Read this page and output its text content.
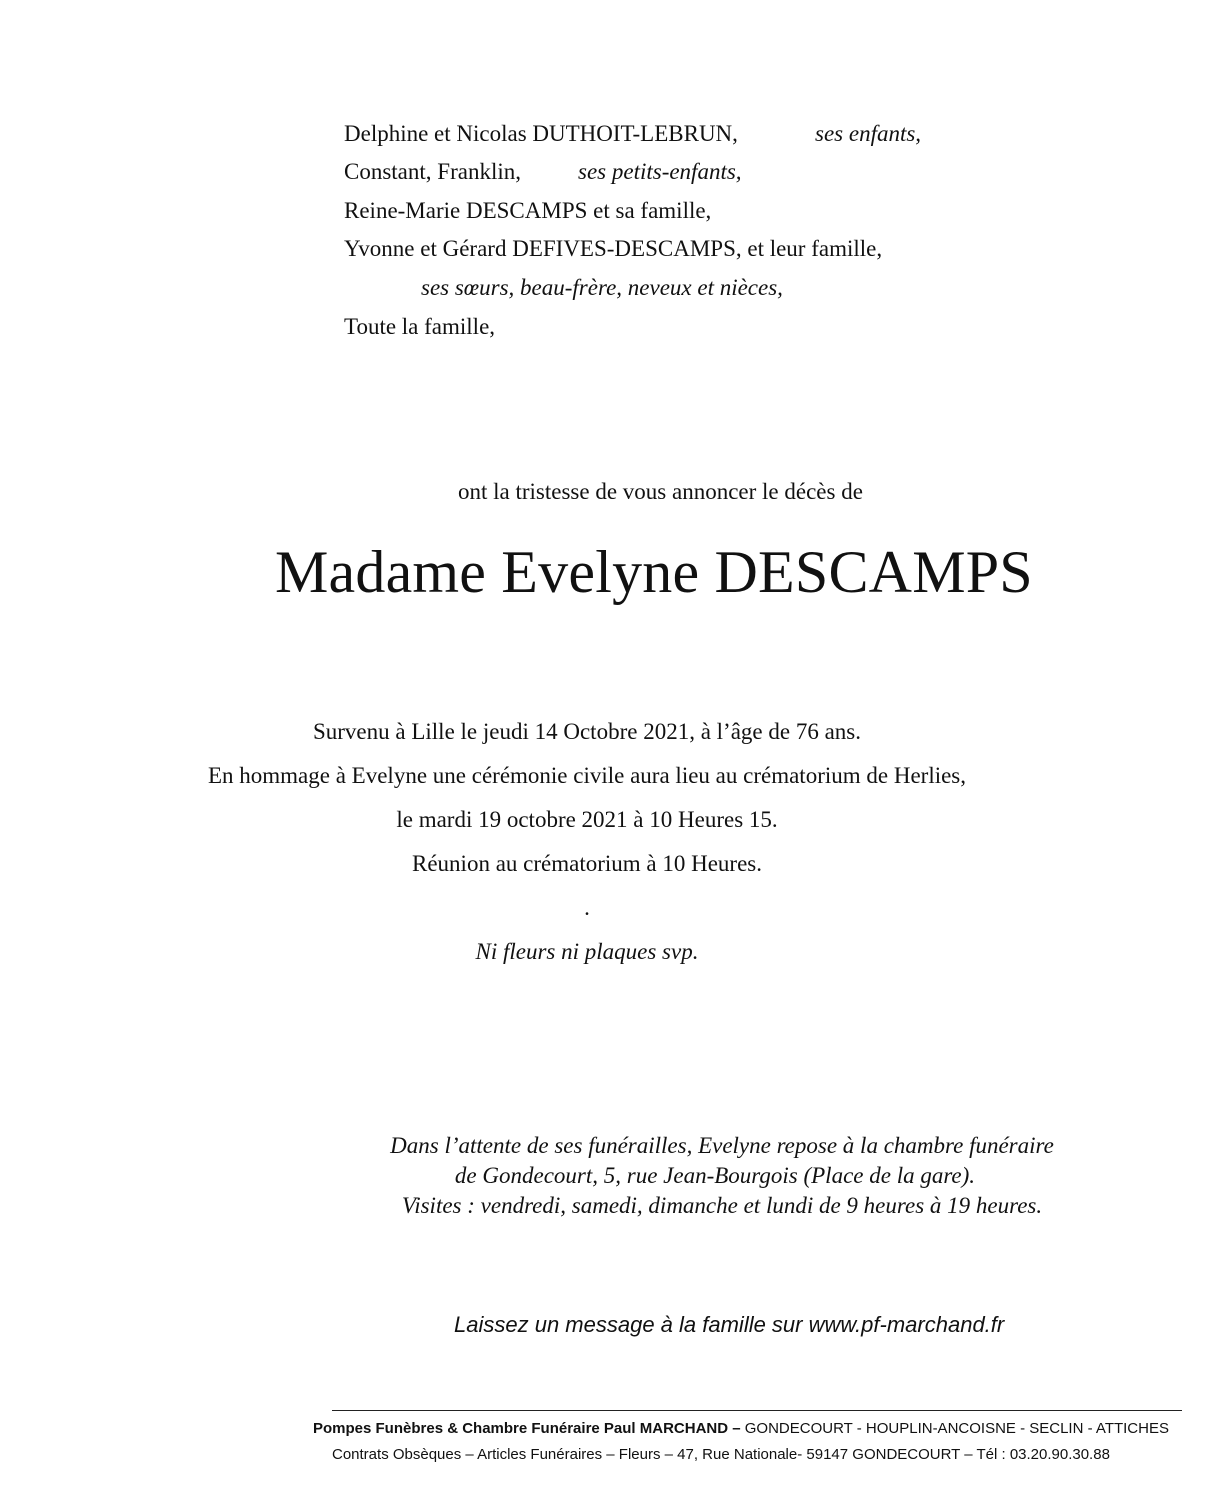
Delphine et Nicolas DUTHOIT-LEBRUN,	ses enfants,
Constant, Franklin, ses petits-enfants,
Reine-Marie DESCAMPS et sa famille,
Yvonne et Gérard DEFIVES-DESCAMPS, et leur famille,
ses sœurs, beau-frère, neveux et nièces,
Toute la famille,
ont la tristesse de vous annoncer le décès de
Madame Evelyne DESCAMPS
Survenu à Lille le jeudi 14 Octobre 2021, à l’âge de 76 ans.
En hommage à Evelyne une cérémonie civile aura lieu au crématorium de Herlies,
le mardi 19 octobre 2021 à 10 Heures 15.
Réunion au crématorium à 10 Heures.
.
Ni fleurs ni plaques svp.
Dans l’attente de ses funérailles, Evelyne repose à la chambre funéraire
de Gondecourt, 5, rue Jean-Bourgois (Place de la gare).
Visites : vendredi, samedi, dimanche et lundi de 9 heures à 19 heures.
Laissez un message à la famille sur www.pf-marchand.fr
Pompes Funèbres & Chambre Funéraire Paul MARCHAND – GONDECOURT - HOUPLIN-ANCOISNE - SECLIN - ATTICHES
Contrats Obsèques – Articles Funéraires – Fleurs – 47, Rue Nationale- 59147 GONDECOURT – Tél : 03.20.90.30.88
